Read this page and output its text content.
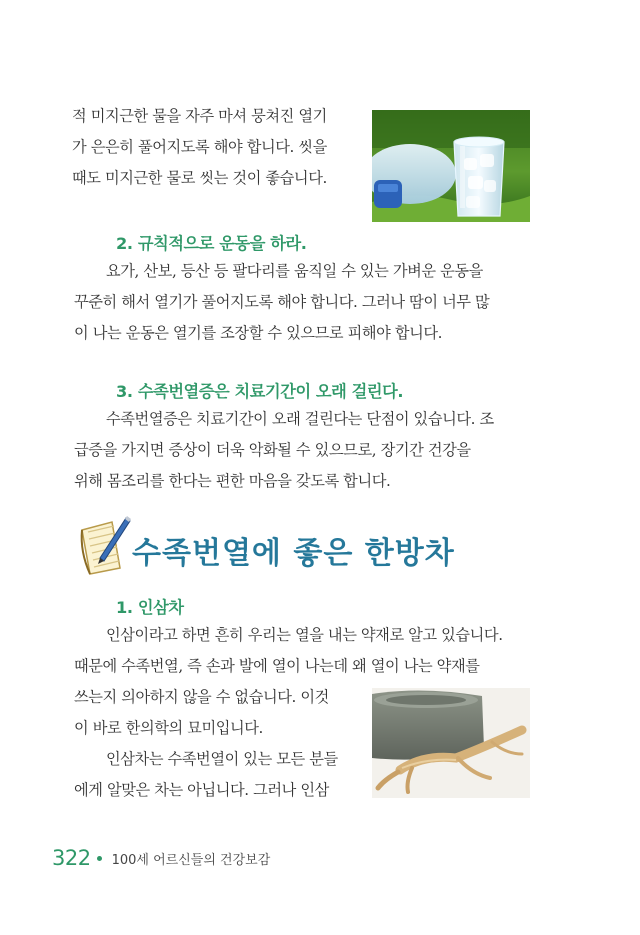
적 미지근한 물을 자주 마셔 뭉쳐진 열기
가 은은히 풀어지도록 해야 합니다. 씻을
때도 미지근한 물로 씻는 것이 좋습니다.

2. 규칙적으로 운동을 하라.

요가, 산보, 등산 등 팔다리를 움직일 수 있는 가벼운 운동을
꾸준히 해서 열기가 풀어지도록 해야 합니다. 그러나 땀이 너무 많
이 나는 운동은 열기를 조장할 수 있으므로 피해야 합니다.

3. 수족번열증은 치료기간이 오래 걸린다.

수족번열증은 치료기간이 오래 걸린다는 단점이 있습니다. 조
급증을 가지면 증상이 더욱 악화될 수 있으므로, 장기간 건강을
위해 몸조리를 한다는 편한 마음을 갖도록 합니다.

수족번열에 좋은 한방차
1. 인삼차

인삼이라고 하면 흔히 우리는 열을 내는 약재로 알고 있습니다.
때문에 수족번열, 즉 손과 발에 열이 나는데 왜 열이 나는 약재를

쓰는지 의아하지 않을 수 없습니다. 이것
이 바로 한의학의 묘미입니다.
인삼차는 수족번열이 있는 모든 분들
에게 알맞은 차는 아닙니다. 그러나 인삼

322 100세 어르신들의 건강보감
